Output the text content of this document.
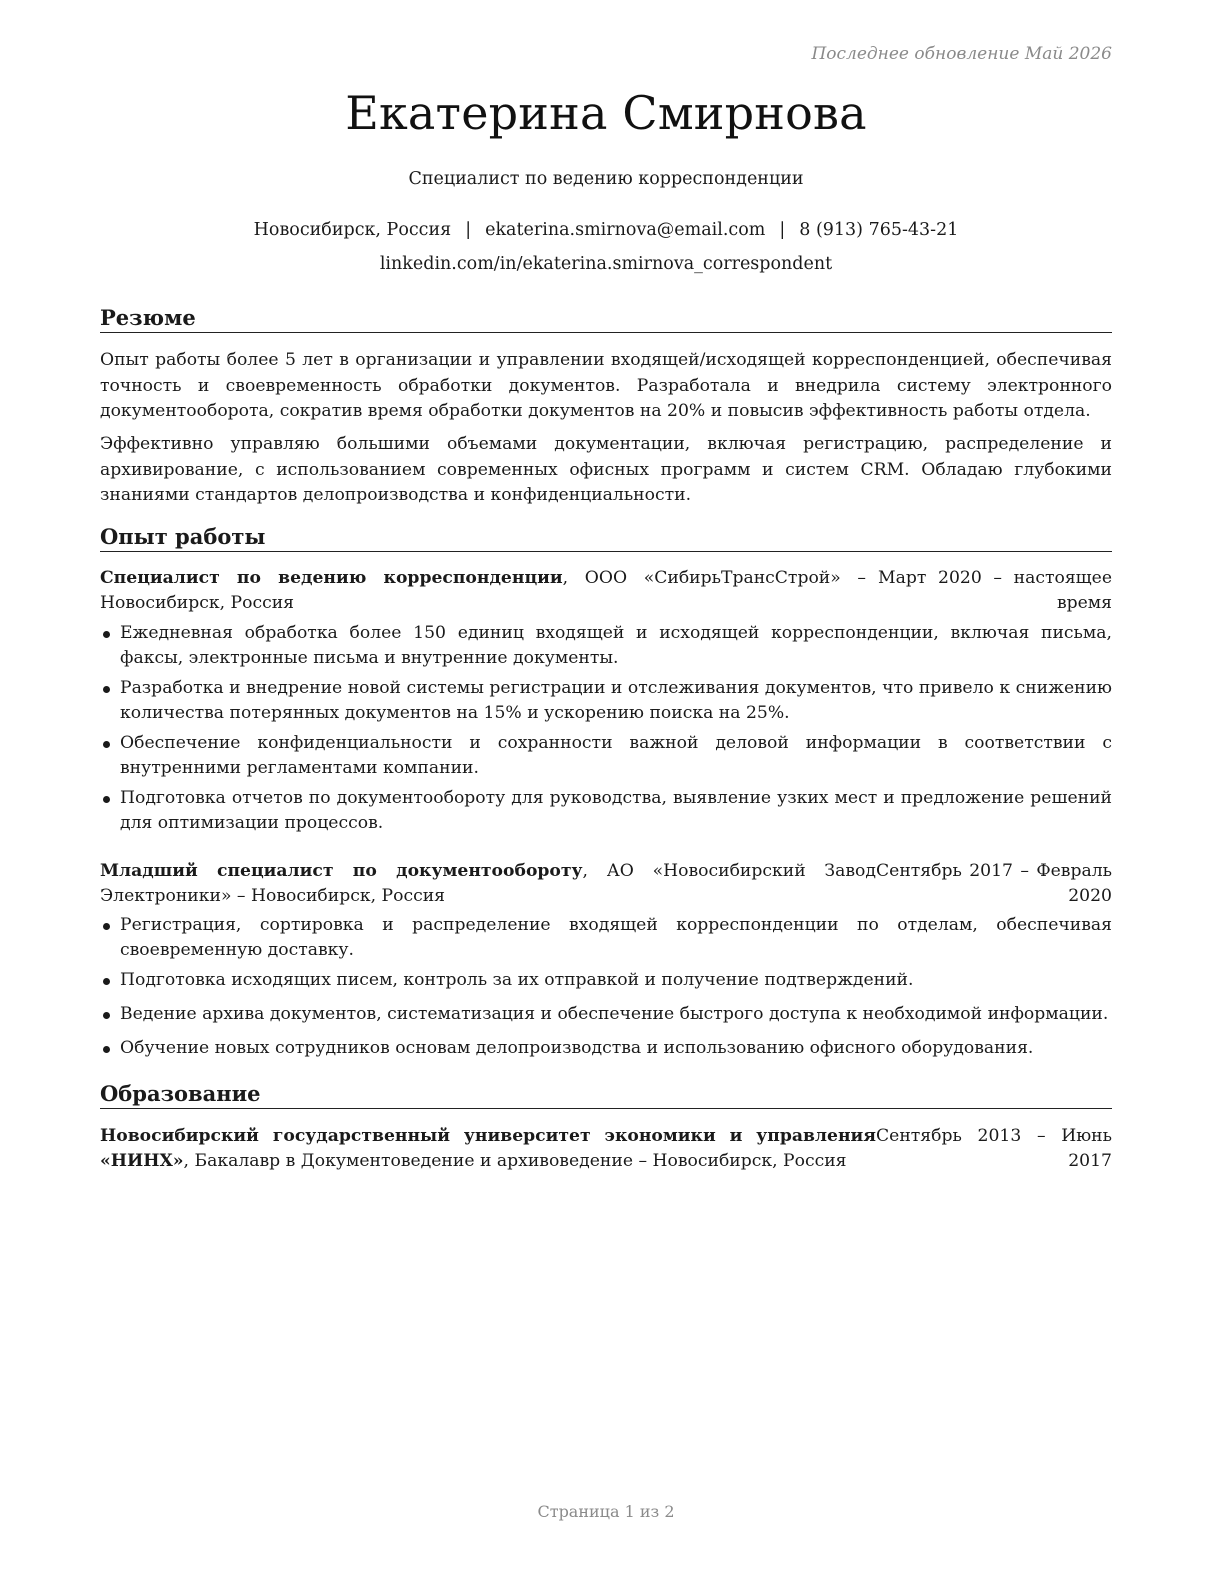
Последнее обновление Май 2026
Екатерина Смирнова
Специалист по ведению корреспонденции
Новосибирск, Россия | ekaterina.smirnova@email.com | 8 (913) 765-43-21
linkedin.com/in/ekaterina.smirnova_correspondent
Резюме
Опыт работы более 5 лет в организации и управлении входящей/исходящей корреспонденцией, обеспечивая точность и своевременность обработки документов. Разработала и внедрила систему электронного документооборота, сократив время обработки документов на 20% и повысив эффективность работы отдела.
Эффективно управляю большими объемами документации, включая регистрацию, распределение и архивирование, с использованием современных офисных программ и систем CRM. Обладаю глубокими знаниями стандартов делопроизводства и конфиденциальности.
Опыт работы
Специалист по ведению корреспонденции, ООО «СибирьТрансСтрой» – Новосибирск, Россия
Март 2020 – настоящее время
Ежедневная обработка более 150 единиц входящей и исходящей корреспонденции, включая письма, факсы, электронные письма и внутренние документы.
Разработка и внедрение новой системы регистрации и отслеживания документов, что привело к снижению количества потерянных документов на 15% и ускорению поиска на 25%.
Обеспечение конфиденциальности и сохранности важной деловой информации в соответствии с внутренними регламентами компании.
Подготовка отчетов по документообороту для руководства, выявление узких мест и предложение решений для оптимизации процессов.
Младший специалист по документообороту, АО «Новосибирский Завод Электроники» – Новосибирск, Россия
Сентябрь 2017 – Февраль 2020
Регистрация, сортировка и распределение входящей корреспонденции по отделам, обеспечивая своевременную доставку.
Подготовка исходящих писем, контроль за их отправкой и получение подтверждений.
Ведение архива документов, систематизация и обеспечение быстрого доступа к необходимой информации.
Обучение новых сотрудников основам делопроизводства и использованию офисного оборудования.
Образование
Новосибирский государственный университет экономики и управления «НИНХ», Бакалавр в Документоведение и архивоведение – Новосибирск, Россия
Сентябрь 2013 – Июнь 2017
Страница 1 из 2
